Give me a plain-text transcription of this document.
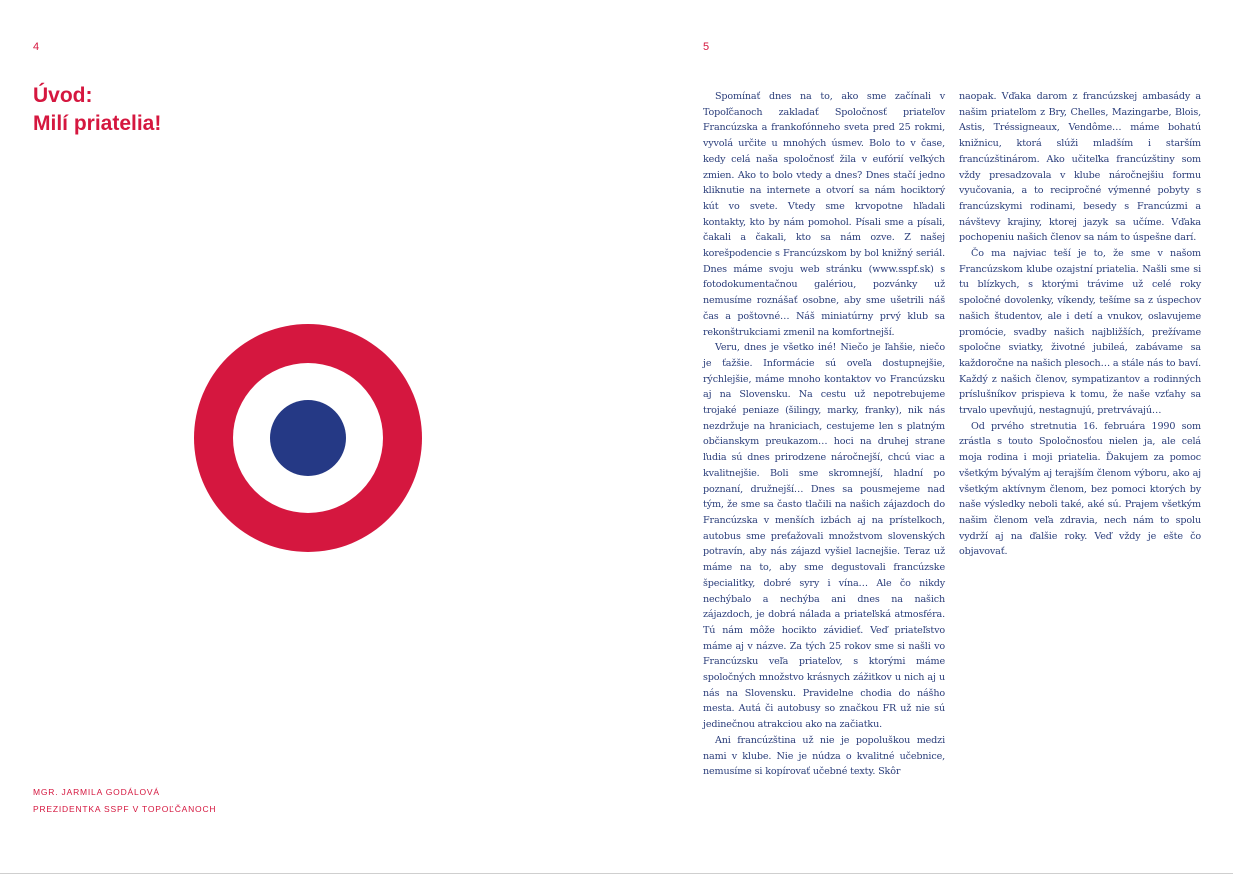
4	5
Úvod:
Milí priatelia!
MGR. JARMILA GODÁLOVÁ
PREZIDENTKA SSPF V TOPOĽČANOCH

Spomínať dnes na to, ako sme začínali v Topoľčanoch zakladať Spoločnosť priateľov Francúzska a frankofónneho sveta pred 25 rokmi, vyvolá určite u mnohých úsmev. Bolo to v čase, kedy celá naša spoločnosť žila v eufórií veľkých zmien. Ako to bolo vtedy a dnes? Dnes stačí jedno kliknutie na internete a otvorí sa nám hociktorý kút vo svete. Vtedy sme krvopotne hľadali kontakty, kto by nám pomohol. Písali sme a písali, čakali a čakali, kto sa nám ozve. Z našej korešpodencie s Francúzskom by bol knižný seriál. Dnes máme svoju web stránku (www.sspf.sk) s fotodokumentačnou galériou, pozvánky už nemusíme roznášať osobne, aby sme ušetrili náš čas a poštovné… Náš miniatúrny prvý klub sa rekonštrukciami zmenil na komfortnejší.

Veru, dnes je všetko iné! Niečo je ľahšie, niečo je ťažšie. Informácie sú oveľa dostupnejšie, rýchlejšie, máme mnoho kontaktov vo Francúzsku aj na Slovensku. Na cestu už nepotrebujeme trojaké peniaze (šilingy, marky, franky), nik nás nezdržuje na hraniciach, cestujeme len s platným občianskym preukazom… hoci na druhej strane ľudia sú dnes prirodzene náročnejší, chcú viac a kvalitnejšie. Boli sme skromnejší, hladní po poznaní, družnejší… Dnes sa pousmejeme nad tým, že sme sa často tlačili na našich zájazdoch do Francúzska v menších izbách aj na prístelkoch, autobus sme preťažovali množstvom slovenských potravín, aby nás zájazd vyšiel lacnejšie. Teraz už máme na to, aby sme degustovali francúzske špecialitky, dobré syry i vína… Ale čo nikdy nechýbalo a nechýba ani dnes na našich zájazdoch, je dobrá nálada a priateľská atmosféra. Tú nám môže hocikto závidieť. Veď priateľstvo máme aj v názve. Za tých 25 rokov sme si našli vo Francúzsku veľa priateľov, s ktorými máme spoločných množstvo krásnych zážitkov u nich aj u nás na Slovensku. Pravidelne chodia do nášho mesta. Autá či autobusy so značkou FR už nie sú jedinečnou atrakciou ako na začiatku.

Ani francúzština už nie je popoluškou medzi nami v klube. Nie je núdza o kvalitné učebnice, nemusíme si kopírovať učebné texty. Skôr

naopak. Vďaka darom z francúzskej ambasády a našim priateľom z Bry, Chelles, Mazingarbe, Blois, Astis, Tréssigneaux, Vendôme… máme bohatú knižnicu, ktorá slúži mladším i starším francúzštinárom. Ako učiteľka francúzštiny som vždy presadzovala v klube náročnejšiu formu vyučovania, a to recipročné výmenné pobyty s francúzskymi rodinami, besedy s Francúzmi a návštevy krajiny, ktorej jazyk sa učíme. Vďaka pochopeniu našich členov sa nám to úspešne darí.

Čo ma najviac teší je to, že sme v našom Francúzskom klube ozajstní priatelia. Našli sme si tu blízkych, s ktorými trávime už celé roky spoločné dovolenky, víkendy, tešíme sa z úspechov našich študentov, ale i detí a vnukov, oslavujeme promócie, svadby našich najbližších, prežívame spoločne sviatky, životné jubileá, zabávame sa každoročne na našich plesoch… a stále nás to baví. Každý z našich členov, sympatizantov a rodinných príslušníkov prispieva k tomu, že naše vzťahy sa trvalo upevňujú, nestagnujú, pretrvávajú…

Od prvého stretnutia 16. februára 1990 som zrástla s touto Spoločnosťou nielen ja, ale celá moja rodina i moji priatelia. Ďakujem za pomoc všetkým bývalým aj terajším členom výboru, ako aj všetkým aktívnym členom, bez pomoci ktorých by naše výsledky neboli také, aké sú. Prajem všetkým našim členom veľa zdravia, nech nám to spolu vydrží aj na ďalšie roky. Veď vždy je ešte čo objavovať.
